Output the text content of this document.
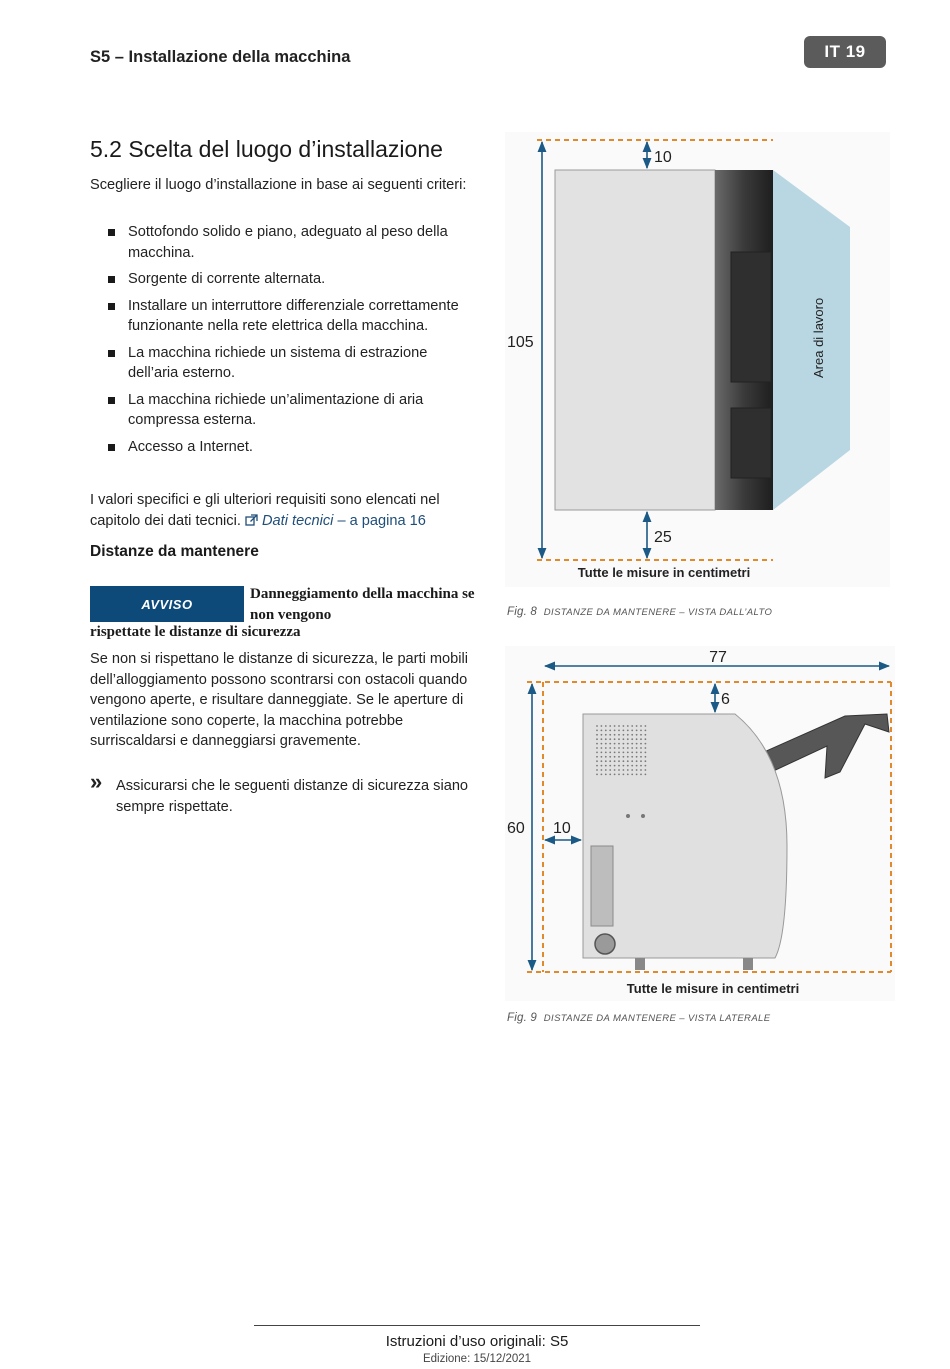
S5 – Installazione della macchina	IT 19
5.2 Scelta del luogo d’installazione
Scegliere il luogo d’installazione in base ai seguenti criteri:
Sottofondo solido e piano, adeguato al peso della macchina.
Sorgente di corrente alternata.
Installare un interruttore differenziale correttamente funzionante nella rete elettrica della macchina.
La macchina richiede un sistema di estrazione dell’aria esterno.
La macchina richiede un’alimentazione di aria compressa esterna.
Accesso a Internet.
I valori specifici e gli ulteriori requisiti sono elencati nel capitolo dei dati tecnici. Dati tecnici – a pagina 16
Distanze da mantenere
AVVISO
Danneggiamento della macchina se non vengono
rispettate le distanze di sicurezza
Se non si rispettano le distanze di sicurezza, le parti mobili dell’alloggiamento possono scontrarsi con ostacoli quando vengono aperte, e risultare danneggiate. Se le aperture di ventilazione sono coperte, la macchina potrebbe surriscaldarsi e danneggiarsi gravemente.
» Assicurarsi che le seguenti distanze di sicurezza siano sempre rispettate.
10
105
25
Area di lavoro
Tutte le misure in centimetri
Fig. 8 DISTANZE DA MANTENERE – VISTA DALL’ALTO
77
6
60 10
Tutte le misure in centimetri
Fig. 9 DISTANZE DA MANTENERE – VISTA LATERALE
Istruzioni d’uso originali: S5
Edizione: 15/12/2021
